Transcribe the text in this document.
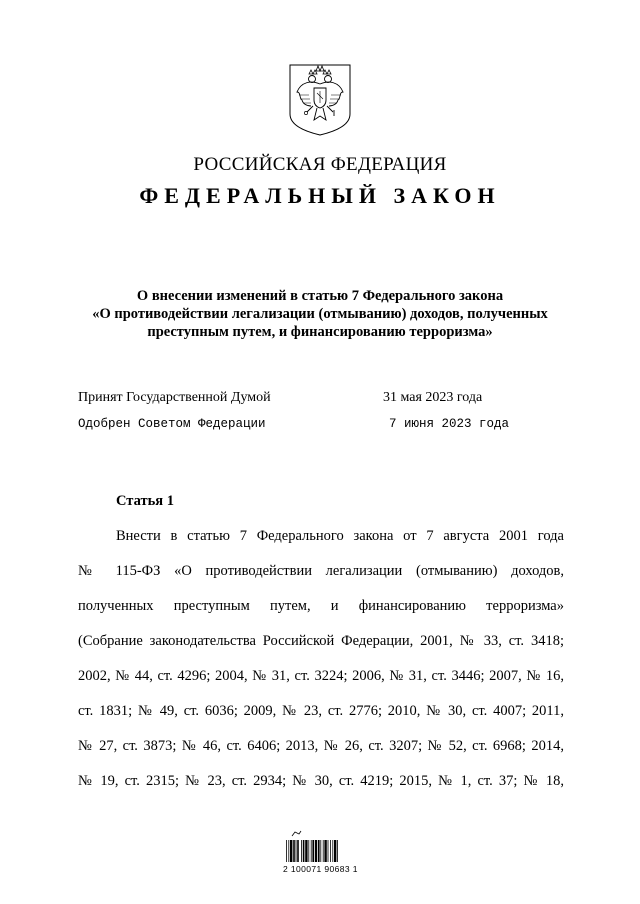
РОССИЙСКАЯ ФЕДЕРАЦИЯ
ФЕДЕРАЛЬНЫЙ ЗАКОН
О внесении изменений в статью 7 Федерального закона
«О противодействии легализации (отмыванию) доходов, полученных
преступным путем, и финансированию терроризма»
Принят Государственной Думой	31 мая 2023 года
Одобрен Советом Федерации	7 июня 2023 года
Статья 1
Внести в статью 7 Федерального закона от 7 августа 2001 года
№ 115-ФЗ «О противодействии легализации (отмыванию) доходов,
полученных преступным путем, и финансированию терроризма»
(Собрание законодательства Российской Федерации, 2001, № 33, ст. 3418;
2002, № 44, ст. 4296; 2004, № 31, ст. 3224; 2006, № 31, ст. 3446; 2007, № 16,
ст. 1831; № 49, ст. 6036; 2009, № 23, ст. 2776; 2010, № 30, ст. 4007; 2011,
№ 27, ст. 3873; № 46, ст. 6406; 2013, № 26, ст. 3207; № 52, ст. 6968; 2014,
№ 19, ст. 2315; № 23, ст. 2934; № 30, ст. 4219; 2015, № 1, ст. 37; № 18,
2 100071 90683 1
